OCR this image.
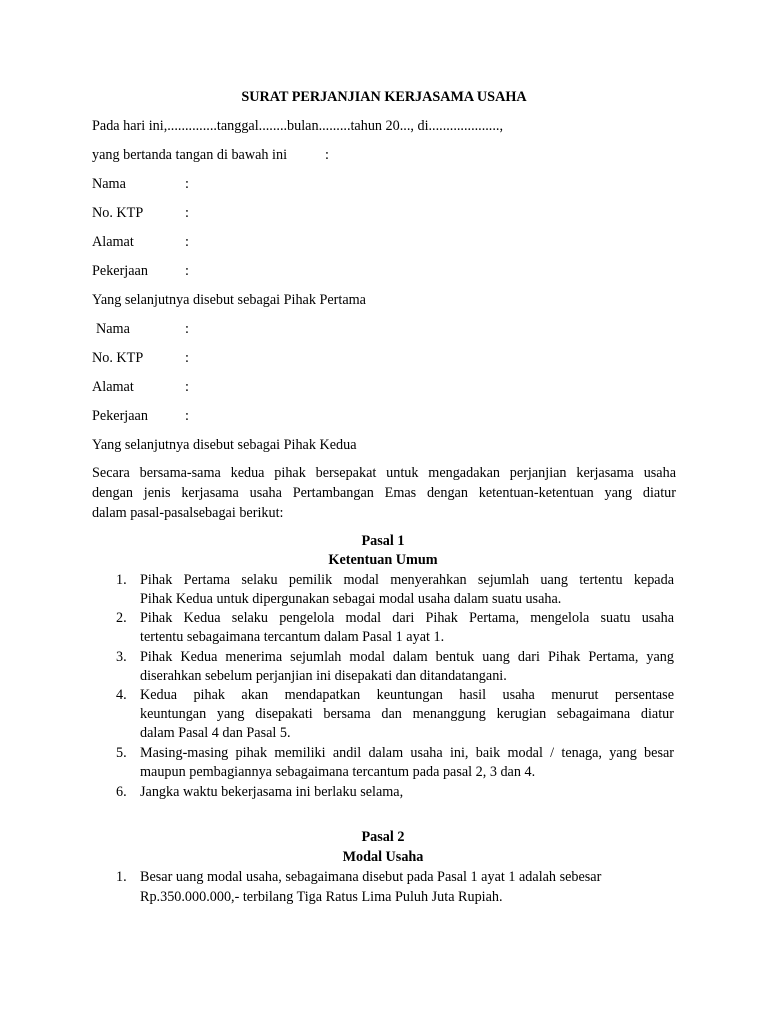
SURAT PERJANJIAN KERJASAMA USAHA
Pada hari ini,..............tanggal........bulan.........tahun 20..., di....................,
yang bertanda tangan di bawah ini	:
Nama	:
No. KTP	:
Alamat	:
Pekerjaan	:
Yang selanjutnya disebut sebagai Pihak Pertama
Nama	:
No. KTP	:
Alamat	:
Pekerjaan	:
Yang selanjutnya disebut sebagai Pihak Kedua
Secara bersama-sama kedua pihak bersepakat untuk mengadakan perjanjian kerjasama usaha
dengan jenis kerjasama usaha Pertambangan Emas dengan ketentuan-ketentuan yang diatur
dalam pasal-pasalsebagai berikut:
Pasal 1
Ketentuan Umum
1. Pihak Pertama selaku pemilik modal menyerahkan sejumlah uang tertentu kepada
Pihak Kedua untuk dipergunakan sebagai modal usaha dalam suatu usaha.
2. Pihak Kedua selaku pengelola modal dari Pihak Pertama, mengelola suatu usaha
tertentu sebagaimana tercantum dalam Pasal 1 ayat 1.
3. Pihak Kedua menerima sejumlah modal dalam bentuk uang dari Pihak Pertama, yang
diserahkan sebelum perjanjian ini disepakati dan ditandatangani.
4. Kedua pihak akan mendapatkan keuntungan hasil usaha menurut persentase
keuntungan yang disepakati bersama dan menanggung kerugian sebagaimana diatur
dalam Pasal 4 dan Pasal 5.
5. Masing-masing pihak memiliki andil dalam usaha ini, baik modal / tenaga, yang besar
maupun pembagiannya sebagaimana tercantum pada pasal 2, 3 dan 4.
6. Jangka waktu bekerjasama ini berlaku selama,
Pasal 2
Modal Usaha
1. Besar uang modal usaha, sebagaimana disebut pada Pasal 1 ayat 1 adalah sebesar
Rp.350.000.000,- terbilang Tiga Ratus Lima Puluh Juta Rupiah.
